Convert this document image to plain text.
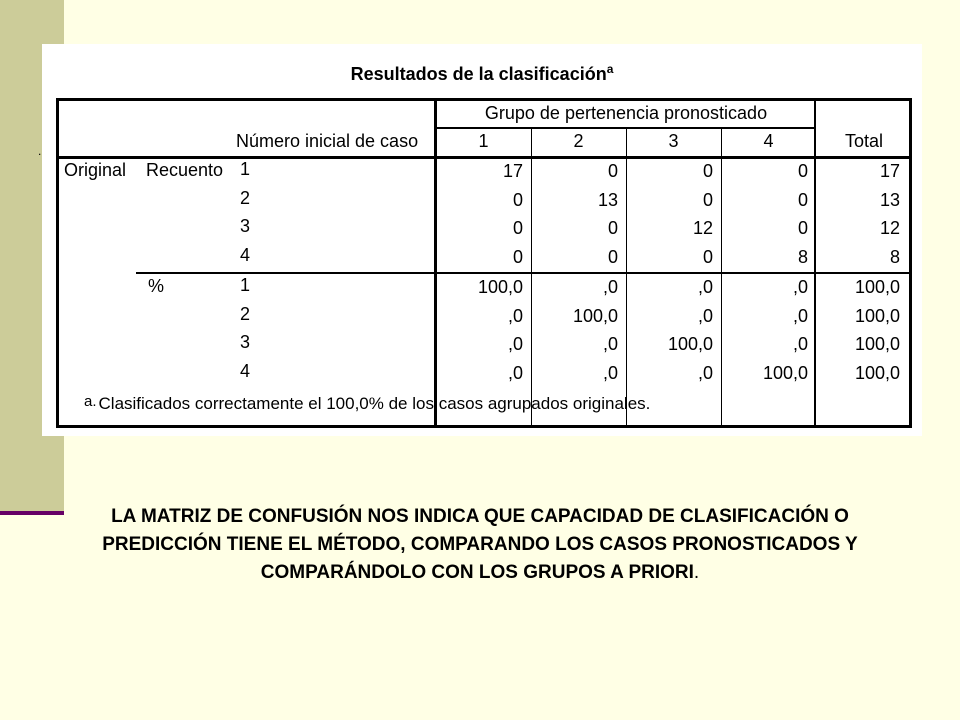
.
Resultados de la clasificación$^a$
Grupo de pertenencia pronosticado
Número inicial de caso	1	2	3	4	Total
Original	Recuento 1	17	0	0	0	17
2	0	13	0	0	13
3	0	0	12	0	12
4	0	0	0	8	8
%	1	100,0	,0	,0	,0	100,0
2	,0	100,0	,0	,0	100,0
3	,0	,0	100,0	,0	100,0
4	,0	,0	,0	100,0	100,0
a. Clasificados correctamente el 100,0% de los casos agrupados originales.
LA MATRIZ DE CONFUSIÓN NOS INDICA QUE CAPACIDAD DE CLASIFICACIÓN O PREDICCIÓN TIENE EL MÉTODO, COMPARANDO LOS CASOS PRONOSTICADOS Y COMPARÁNDOLO CON LOS GRUPOS A PRIORI.
